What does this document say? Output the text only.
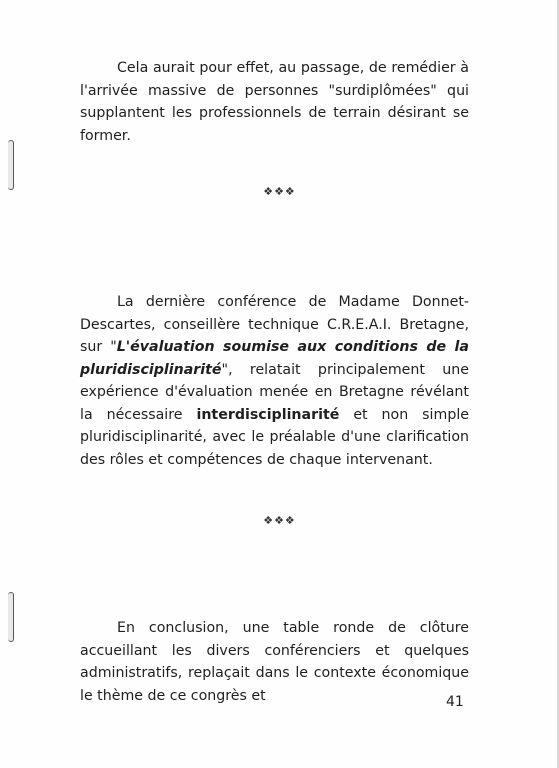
Cela aurait pour effet, au passage, de remédier à l'arrivée massive de personnes "surdiplômées" qui supplantent les professionnels de terrain désirant se former.

❖❖❖

La dernière conférence de Madame Donnet-Descartes, conseillère technique C.R.E.A.I. Bretagne, sur "L'évaluation soumise aux conditions de la pluridisciplinarité", relatait principalement une expérience d'évaluation menée en Bretagne révélant la nécessaire interdisciplinarité et non simple pluridisciplinarité, avec le préalable d'une clarification des rôles et compétences de chaque intervenant.

❖❖❖

En conclusion, une table ronde de clôture accueillant les divers conférenciers et quelques administratifs, replaçait dans le contexte économique le thème de ce congrès et	41
